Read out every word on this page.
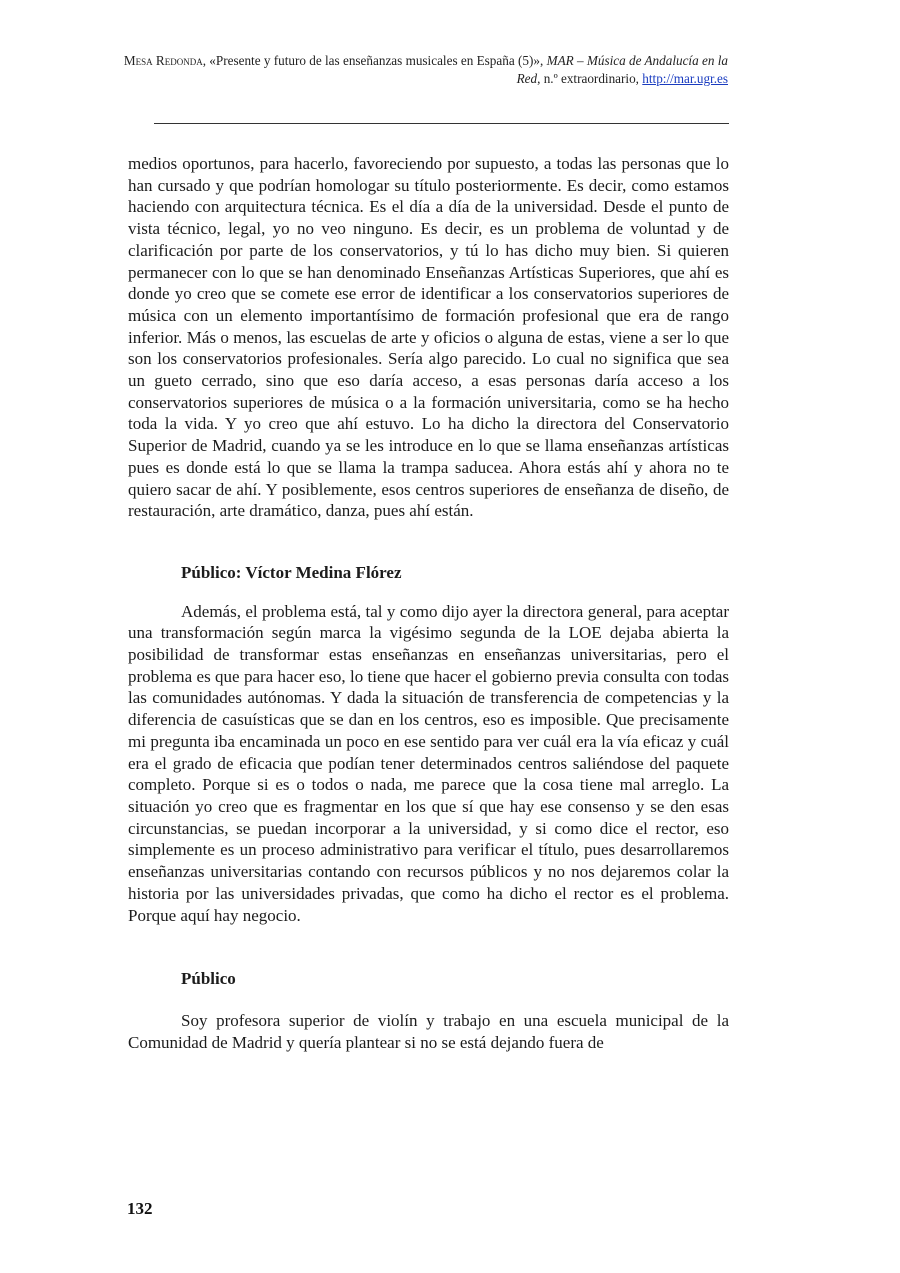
Mesa Redonda, «Presente y futuro de las enseñanzas musicales en España (5)», MAR – Música de Andalucía en la Red, n.º extraordinario, http://mar.ugr.es

medios oportunos, para hacerlo, favoreciendo por supuesto, a todas las personas que lo han cursado y que podrían homologar su título posteriormente. Es decir, como estamos haciendo con arquitectura técnica. Es el día a día de la universidad. Desde el punto de vista técnico, legal, yo no veo ninguno. Es decir, es un problema de voluntad y de clarificación por parte de los conservatorios, y tú lo has dicho muy bien. Si quieren permanecer con lo que se han denominado Enseñanzas Artísticas Superiores, que ahí es donde yo creo que se comete ese error de identificar a los conservatorios superiores de música con un elemento importantísimo de formación profesional que era de rango inferior. Más o menos, las escuelas de arte y oficios o alguna de estas, viene a ser lo que son los conservatorios profesionales. Sería algo parecido. Lo cual no significa que sea un gueto cerrado, sino que eso daría acceso, a esas personas daría acceso a los conservatorios superiores de música o a la formación universitaria, como se ha hecho toda la vida. Y yo creo que ahí estuvo. Lo ha dicho la directora del Conservatorio Superior de Madrid, cuando ya se les introduce en lo que se llama enseñanzas artísticas pues es donde está lo que se llama la trampa saducea. Ahora estás ahí y ahora no te quiero sacar de ahí. Y posiblemente, esos centros superiores de enseñanza de diseño, de restauración, arte dramático, danza, pues ahí están.

Público: Víctor Medina Flórez

Además, el problema está, tal y como dijo ayer la directora general, para aceptar una transformación según marca la vigésimo segunda de la LOE dejaba abierta la posibilidad de transformar estas enseñanzas en enseñanzas universitarias, pero el problema es que para hacer eso, lo tiene que hacer el gobierno previa consulta con todas las comunidades autónomas. Y dada la situación de transferencia de competencias y la diferencia de casuísticas que se dan en los centros, eso es imposible. Que precisamente mi pregunta iba encaminada un poco en ese sentido para ver cuál era la vía eficaz y cuál era el grado de eficacia que podían tener determinados centros saliéndose del paquete completo. Porque si es o todos o nada, me parece que la cosa tiene mal arreglo. La situación yo creo que es fragmentar en los que sí que hay ese consenso y se den esas circunstancias, se puedan incorporar a la universidad, y si como dice el rector, eso simplemente es un proceso administrativo para verificar el título, pues desarrollaremos enseñanzas universitarias contando con recursos públicos y no nos dejaremos colar la historia por las universidades privadas, que como ha dicho el rector es el problema. Porque aquí hay negocio.

Público

Soy profesora superior de violín y trabajo en una escuela municipal de la Comunidad de Madrid y quería plantear si no se está dejando fuera de

132
